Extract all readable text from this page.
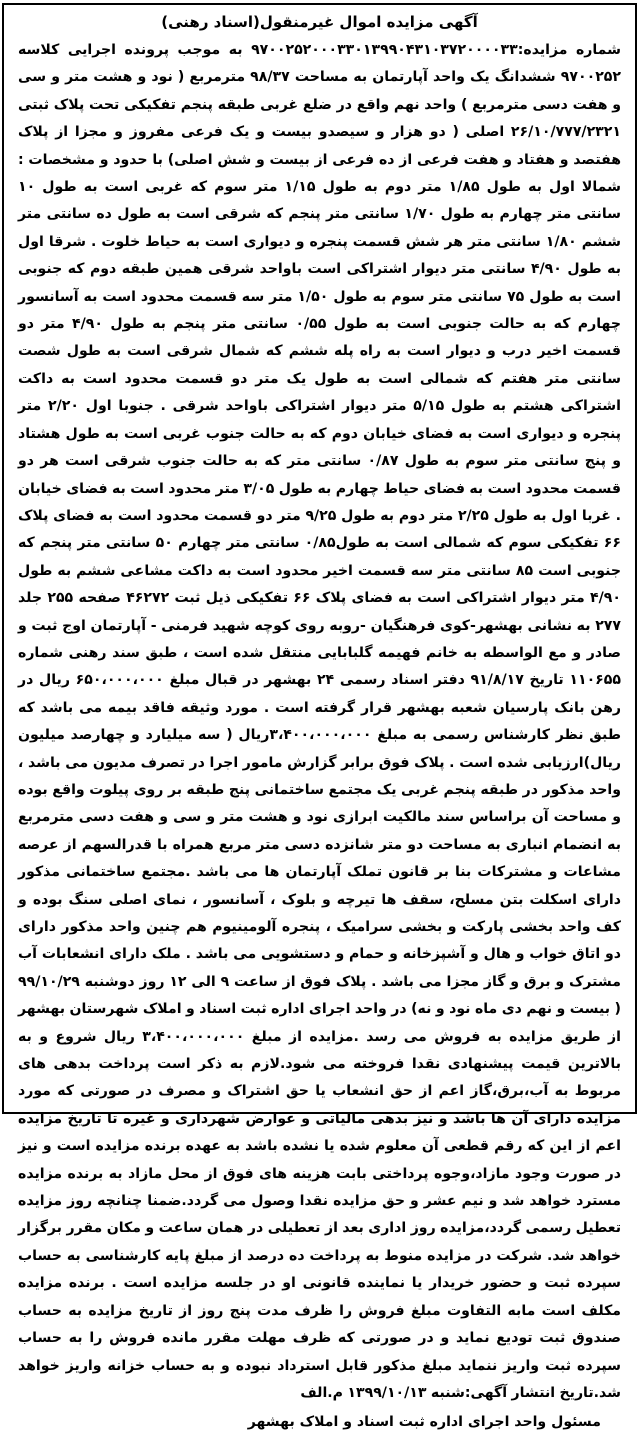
آگهی مزایده اموال غیرمنقول(اسناد رهنی)

شماره مزایده:۹۷۰۰۲۵۲۰۰۰۳۳۰۱۳۹۹۰۴۳۱۰۳۷۲۰۰۰۰۳۳ به موجب پرونده اجرایی کلاسه ۹۷۰۰۲۵۲ ششدانگ یک واحد آپارتمان به مساحت ۹۸/۳۷ مترمربع ( نود و هشت متر و سی و هفت دسی مترمربع ) واحد نهم واقع در ضلع غربی طبقه پنجم تفکیکی تحت پلاک ثبتی ۲۶/۱۰/۷۷۷/۲۳۲۱ اصلی ( دو هزار و سیصدو بیست و یک فرعی مفروز و مجزا از پلاک هفتصد و هفتاد و هفت فرعی از ده فرعی از بیست و شش اصلی) با حدود و مشخصات : شمالا اول به طول ۱/۸۵ متر دوم به طول ۱/۱۵ متر سوم که غربی است به طول ۱۰ سانتی متر چهارم به طول ۱/۷۰ سانتی متر پنجم که شرقی است به طول ده سانتی متر ششم ۱/۸۰ سانتی متر هر شش قسمت پنجره و دیواری است به حیاط خلوت . شرقا اول به طول ۴/۹۰ سانتی متر دیوار اشتراکی است باواحد شرقی همین طبقه دوم که جنوبی است به طول ۷۵ سانتی متر سوم به طول ۱/۵۰ متر سه قسمت محدود است به آسانسور چهارم که به حالت جنوبی است به طول ۰/۵۵ سانتی متر پنجم به طول ۴/۹۰ متر دو قسمت اخیر درب و دیوار است به راه پله ششم که شمال شرقی است به طول شصت سانتی متر هفتم که شمالی است به طول یک متر دو قسمت محدود است به داکت اشتراکی هشتم به طول ۵/۱۵ متر دیوار اشتراکی باواحد شرقی . جنوبا اول ۲/۲۰ متر پنجره و دیواری است به فضای خیابان دوم که به حالت جنوب غربی است به طول هشتاد و پنج سانتی متر سوم به طول ۰/۸۷ سانتی متر که به حالت جنوب شرقی است هر دو قسمت محدود است به فضای حیاط چهارم به طول ۳/۰۵ متر محدود است به فضای خیابان . غربا اول به طول ۲/۲۵ متر دوم به طول ۹/۲۵ متر دو قسمت محدود است به فضای پلاک ۶۶ تفکیکی سوم که شمالی است به طول۰/۸۵ سانتی متر چهارم ۵۰ سانتی متر پنجم که جنوبی است ۸۵ سانتی متر سه قسمت اخیر محدود است به داکت مشاعی ششم به طول ۴/۹۰ متر دیوار اشتراکی است به فضای پلاک ۶۶ تفکیکی ذیل ثبت ۴۶۲۷۲ صفحه ۲۵۵ جلد ۲۷۷ به نشانی بهشهر-کوی فرهنگیان -روبه روی کوچه شهید فرمنی - آپارتمان اوج ثبت و صادر و مع الواسطه به خانم فهیمه گلبابایی منتقل شده است ، طبق سند رهنی شماره ۱۱۰۶۵۵ تاریخ ۹۱/۸/۱۷ دفتر اسناد رسمی ۲۴ بهشهر در قبال مبلغ ۶۵۰،۰۰۰،۰۰۰ ریال در رهن بانک پارسیان شعبه بهشهر قرار گرفته است . مورد وثیقه فاقد بیمه می باشد که طبق نظر کارشناس رسمی به مبلغ ۳،۴۰۰،۰۰۰،۰۰۰ریال ( سه میلیارد و چهارصد میلیون ریال)ارزیابی شده است . پلاک فوق برابر گزارش مامور اجرا در تصرف مدیون می باشد ، واحد مذکور در طبقه پنجم غربی یک مجتمع ساختمانی پنج طبقه بر روی پیلوت واقع بوده و مساحت آن براساس سند مالکیت ابرازی نود و هشت متر و سی و هفت دسی مترمربع به انضمام انباری به مساحت دو متر شانزده دسی متر مربع همراه با قدرالسهم از عرصه مشاعات و مشترکات بنا بر قانون تملک آپارتمان ها می باشد .مجتمع ساختمانی مذکور دارای اسکلت بتن مسلح، سقف ها تیرچه و بلوک ، آسانسور ، نمای اصلی سنگ بوده و کف واحد بخشی پارکت و بخشی سرامیک ، پنجره آلومینیوم هم چنین واحد مذکور دارای دو اتاق خواب و هال و آشپزخانه و حمام و دستشویی می باشد . ملک دارای انشعابات آب مشترک و برق و گاز مجزا می باشد . پلاک فوق از ساعت ۹ الی ۱۲ روز دوشنبه ۹۹/۱۰/۲۹ ( بیست و نهم دی ماه نود و نه) در واحد اجرای اداره ثبت اسناد و املاک شهرستان بهشهر از طریق مزایده به فروش می رسد .مزایده از مبلغ ۳،۴۰۰،۰۰۰،۰۰۰ ریال شروع و به بالاترین قیمت پیشنهادی نقدا فروخته می شود.لازم به ذکر است پرداخت بدهی های مربوط به آب،برق،گاز اعم از حق انشعاب یا حق اشتراک و مصرف در صورتی که مورد مزایده دارای آن ها باشد و نیز بدهی مالیاتی و عوارض شهرداری و غیره تا تاریخ مزایده اعم از این که رقم قطعی آن معلوم شده یا نشده باشد به عهده برنده مزایده است و نیز در صورت وجود مازاد،وجوه پرداختی بابت هزینه های فوق از محل مازاد به برنده مزایده مسترد خواهد شد و نیم عشر و حق مزایده نقدا وصول می گردد.ضمنا چنانچه روز مزایده تعطیل رسمی گردد،مزایده روز اداری بعد از تعطیلی در همان ساعت و مکان مقرر برگزار خواهد شد. شرکت در مزایده منوط به پرداخت ده درصد از مبلغ پایه کارشناسی به حساب سپرده ثبت و حضور خریدار یا نماینده قانونی او در جلسه مزایده است . برنده مزایده مکلف است مابه التفاوت مبلغ فروش را ظرف مدت پنج روز از تاریخ مزایده به حساب صندوق ثبت تودیع نماید و در صورتی که ظرف مهلت مقرر مانده فروش را به حساب سپرده ثبت واریز ننماید مبلغ مذکور قابل استرداد نبوده و به حساب خزانه واریز خواهد شد.تاریخ انتشار آگهی:شنبه ۱۳۹۹/۱۰/۱۳ م.الف

مسئول واحد اجرای اداره ثبت اسناد و املاک بهشهر
